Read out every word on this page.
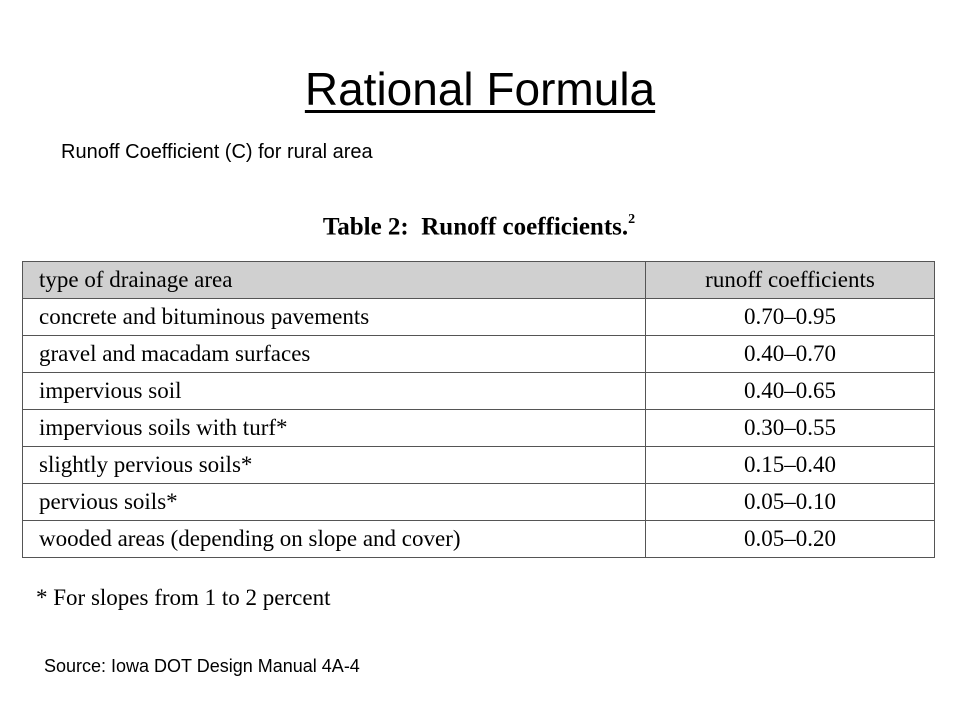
Rational Formula
Runoff Coefficient (C) for rural area
Table 2:  Runoff coefficients.$^2$
type of drainage area	runoff coefficients
concrete and bituminous pavements	0.70–0.95
gravel and macadam surfaces	0.40–0.70
impervious soil	0.40–0.65
impervious soils with turf*	0.30–0.55
slightly pervious soils*	0.15–0.40
pervious soils*	0.05–0.10
wooded areas (depending on slope and cover)	0.05–0.20
* For slopes from 1 to 2 percent
Source: Iowa DOT Design Manual 4A-4
